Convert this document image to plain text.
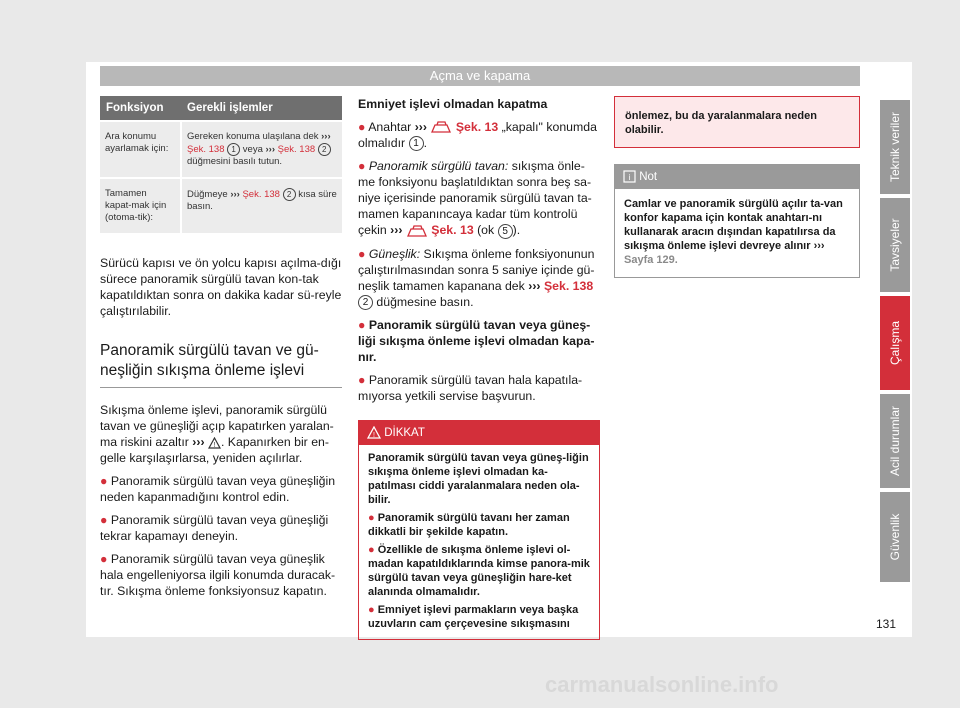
Açma ve kapama
Fonksiyon	Gerekli işlemler
Ara konumu ayarlamak için:	Gereken konuma ulaşılana dek ››› Şek. 138 1 veya ››› Şek. 138 2 düğmesini basılı tutun.
Tamamen kapat-mak için (otoma-tik):	Düğmeye ››› Şek. 138 2 kısa süre basın.

Sürücü kapısı ve ön yolcu kapısı açılma-dığı sürece panoramik sürgülü tavan kon-tak kapatıldıktan sonra on dakika kadar sü-reyle çalıştırılabilir.

Panoramik sürgülü tavan ve gü-neşliğin sıkışma önleme işlevi

Sıkışma önleme işlevi, panoramik sürgülü tavan ve güneşliği açıp kapatırken yaralan-ma riskini azaltır ››› ! . Kapanırken bir en-gelle karşılaşırlarsa, yeniden açılırlar.

● Panoramik sürgülü tavan veya güneşliğin neden kapanmadığını kontrol edin.

● Panoramik sürgülü tavan veya güneşliği tekrar kapamayı deneyin.

● Panoramik sürgülü tavan veya güneşlik hala engelleniyorsa ilgili konumda duracak-tır. Sıkışma önleme fonksiyonsuz kapatın.

Emniyet işlevi olmadan kapatma

● Anahtar ››› Şek. 13 „kapalı" konumda olmalıdır 1 .

● Panoramik sürgülü tavan: sıkışma önle-me fonksiyonu başlatıldıktan sonra beş sa-niye içerisinde panoramik sürgülü tavan ta-mamen kapanıncaya kadar tüm kontrolü çekin ››› Şek. 13 (ok 5 ).

● Güneşlik: Sıkışma önleme fonksiyonunun çalıştırılmasından sonra 5 saniye içinde gü-neşlik tamamen kapanana dek ››› Şek. 138 2 düğmesine basın.

● Panoramik sürgülü tavan veya güneş-liği sıkışma önleme işlevi olmadan kapa-nır.

● Panoramik sürgülü tavan hala kapatıla-mıyorsa yetkili servise başvurun.

! DİKKAT

Panoramik sürgülü tavan veya güneş-liğin sıkışma önleme işlevi olmadan ka-patılması ciddi yaralanmalara neden ola-bilir.

● Panoramik sürgülü tavanı her zaman dikkatli bir şekilde kapatın.

● Özellikle de sıkışma önleme işlevi ol-madan kapatıldıklarında kimse panora-mik sürgülü tavan veya güneşliğin hare-ket alanında olmamalıdır.

● Emniyet işlevi parmakların veya başka uzuvların cam çerçevesine sıkışmasını

önlemez, bu da yaralanmalara neden olabilir.
i Not
Camlar ve panoramik sürgülü açılır ta-van konfor kapama için kontak anahtarı-nı kullanarak aracın dışından kapatılırsa da sıkışma önleme işlevi devreye alınır ››› Sayfa 129.
Teknik veriler
Tavsiyeler
Çalışma
Acil durumlar
Güvenlik
131
carmanualsonline.info
